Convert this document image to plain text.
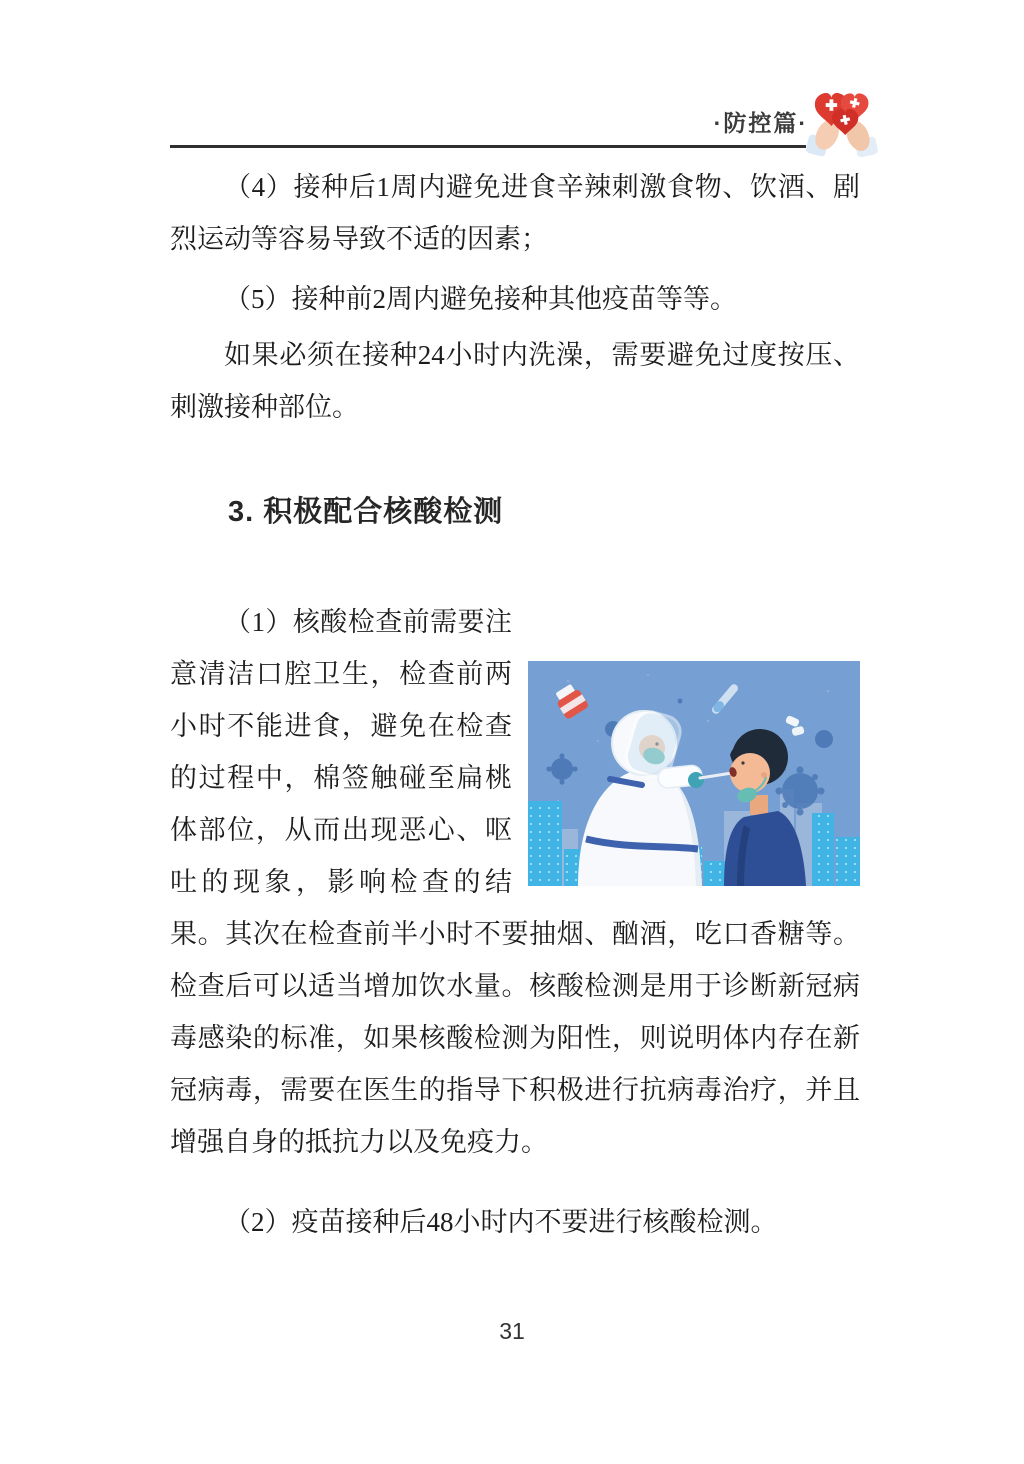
·防控篇·

（4）接种后1周内避免进食辛辣刺激食物、饮酒、剧烈运动等容易导致不适的因素；

（5）接种前2周内避免接种其他疫苗等等。

如果必须在接种24小时内洗澡，需要避免过度按压、刺激接种部位。

3. 积极配合核酸检测

（1）核酸检查前需要注意清洁口腔卫生，检查前两小时不能进食，避免在检查的过程中，棉签触碰至扁桃体部位，从而出现恶心、呕吐的现象，影响检查的结果。其次在检查前半小时不要抽烟、酗酒，吃口香糖等。检查后可以适当增加饮水量。核酸检测是用于诊断新冠病毒感染的标准，如果核酸检测为阳性，则说明体内存在新冠病毒，需要在医生的指导下积极进行抗病毒治疗，并且增强自身的抵抗力以及免疫力。

（2）疫苗接种后48小时内不要进行核酸检测。

31
